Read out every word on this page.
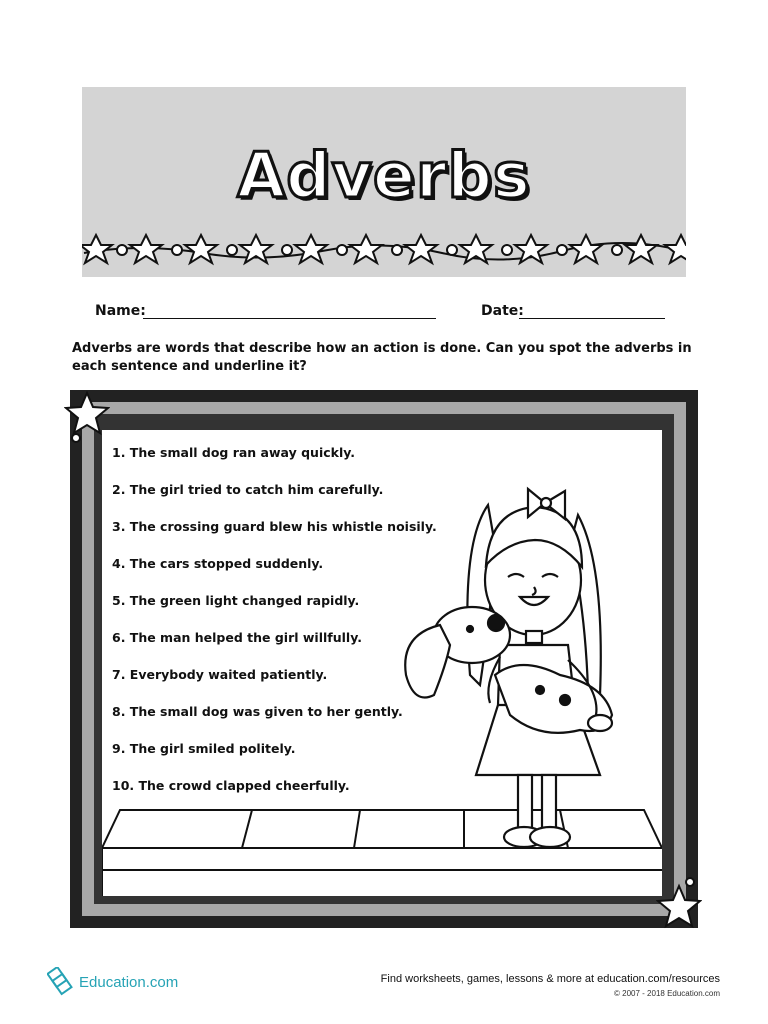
Adverbs
Name:	Date:
Adverbs are words that describe how an action is done. Can you spot the adverbs in each sentence and underline it?
1. The small dog ran away quickly.
2. The girl tried to catch him carefully.
3. The crossing guard blew his whistle noisily.
4. The cars stopped suddenly.
5. The green light changed rapidly.
6. The man helped the girl willfully.
7. Everybody waited patiently.
8. The small dog was given to her gently.
9. The girl smiled politely.
10. The crowd clapped cheerfully.
Education.com	Find worksheets, games, lessons & more at education.com/resources
© 2007 - 2018 Education.com
